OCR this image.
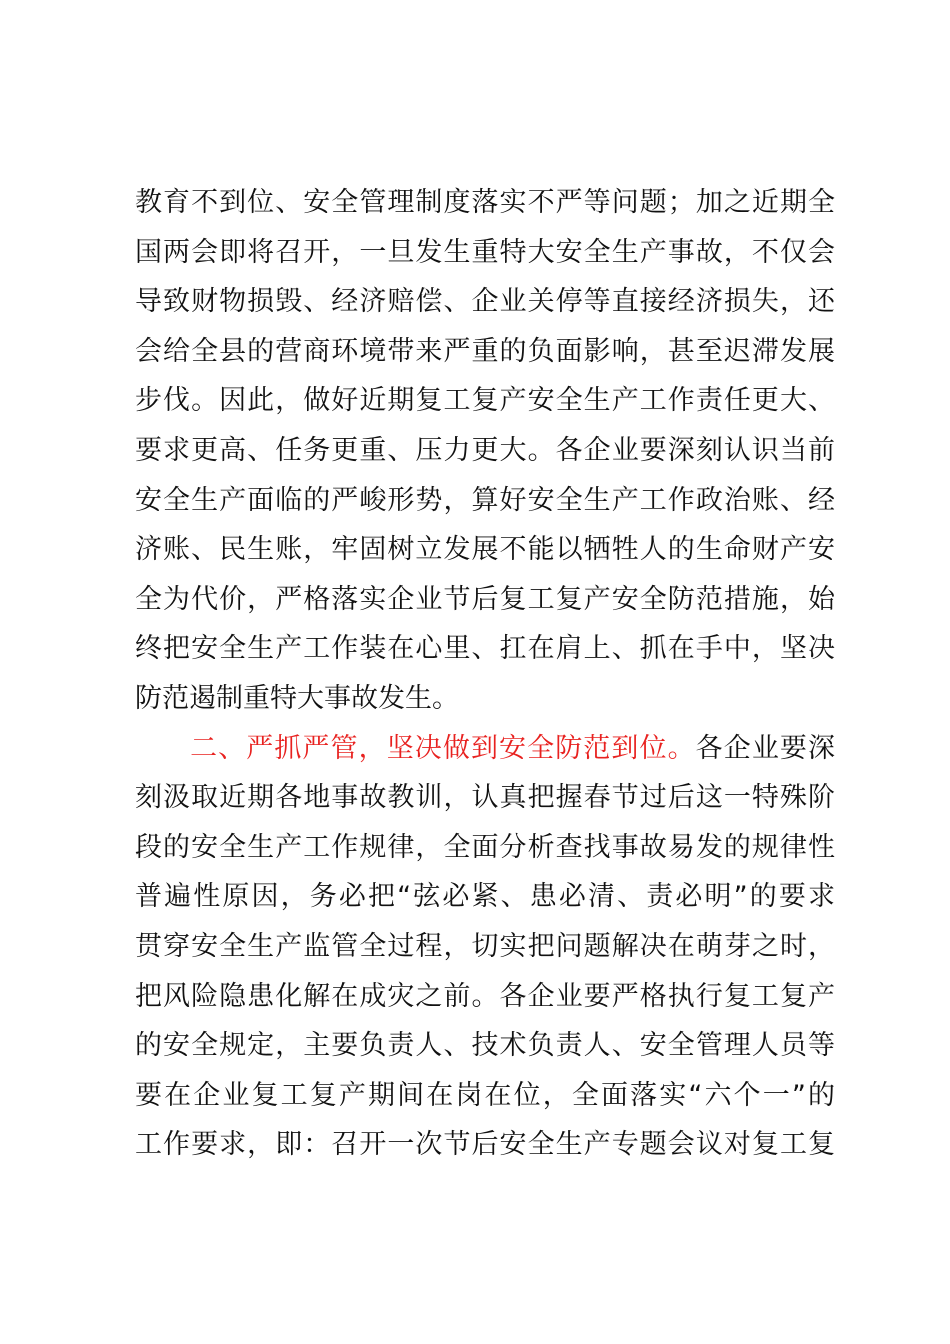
教育不到位、安全管理制度落实不严等问题；加之近期全
国两会即将召开，一旦发生重特大安全生产事故，不仅会
导致财物损毁、经济赔偿、企业关停等直接经济损失，还
会给全县的营商环境带来严重的负面影响，甚至迟滞发展
步伐。因此，做好近期复工复产安全生产工作责任更大、
要求更高、任务更重、压力更大。各企业要深刻认识当前
安全生产面临的严峻形势，算好安全生产工作政治账、经
济账、民生账，牢固树立发展不能以牺牲人的生命财产安
全为代价，严格落实企业节后复工复产安全防范措施，始
终把安全生产工作装在心里、扛在肩上、抓在手中，坚决
防范遏制重特大事故发生。
二、严抓严管，坚决做到安全防范到位。各企业要深
刻汲取近期各地事故教训，认真把握春节过后这一特殊阶
段的安全生产工作规律，全面分析查找事故易发的规律性
普遍性原因，务必把“弦必紧、患必清、责必明”的要求
贯穿安全生产监管全过程，切实把问题解决在萌芽之时，
把风险隐患化解在成灾之前。各企业要严格执行复工复产
的安全规定，主要负责人、技术负责人、安全管理人员等
要在企业复工复产期间在岗在位，全面落实“六个一”的
工作要求，即：召开一次节后安全生产专题会议对复工复
